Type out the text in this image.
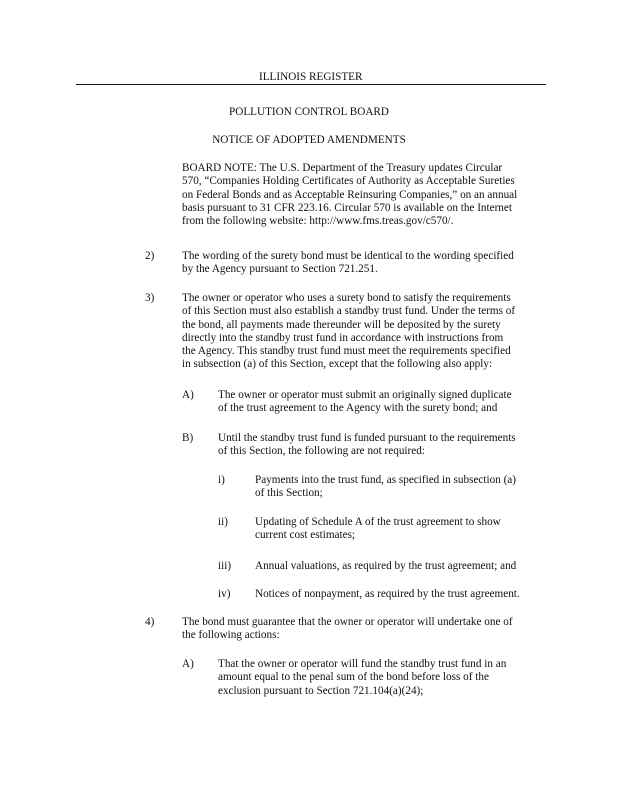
ILLINOIS REGISTER
POLLUTION CONTROL BOARD
NOTICE OF ADOPTED AMENDMENTS
BOARD NOTE: The U.S. Department of the Treasury updates Circular
570, “Companies Holding Certificates of Authority as Acceptable Sureties
on Federal Bonds and as Acceptable Reinsuring Companies,” on an annual
basis pursuant to 31 CFR 223.16. Circular 570 is available on the Internet
from the following website: http://www.fms.treas.gov/c570/.
2) The wording of the surety bond must be identical to the wording specified
by the Agency pursuant to Section 721.251.
3) The owner or operator who uses a surety bond to satisfy the requirements
of this Section must also establish a standby trust fund. Under the terms of
the bond, all payments made thereunder will be deposited by the surety
directly into the standby trust fund in accordance with instructions from
the Agency. This standby trust fund must meet the requirements specified
in subsection (a) of this Section, except that the following also apply:
A) The owner or operator must submit an originally signed duplicate
of the trust agreement to the Agency with the surety bond; and
B) Until the standby trust fund is funded pursuant to the requirements
of this Section, the following are not required:
i)	Payments into the trust fund, as specified in subsection (a)
of this Section;
ii) Updating of Schedule A of the trust agreement to show
current cost estimates;
iii) Annual valuations, as required by the trust agreement; and
iv) Notices of nonpayment, as required by the trust agreement.
4) The bond must guarantee that the owner or operator will undertake one of
the following actions:
A) That the owner or operator will fund the standby trust fund in an
amount equal to the penal sum of the bond before loss of the
exclusion pursuant to Section 721.104(a)(24);
